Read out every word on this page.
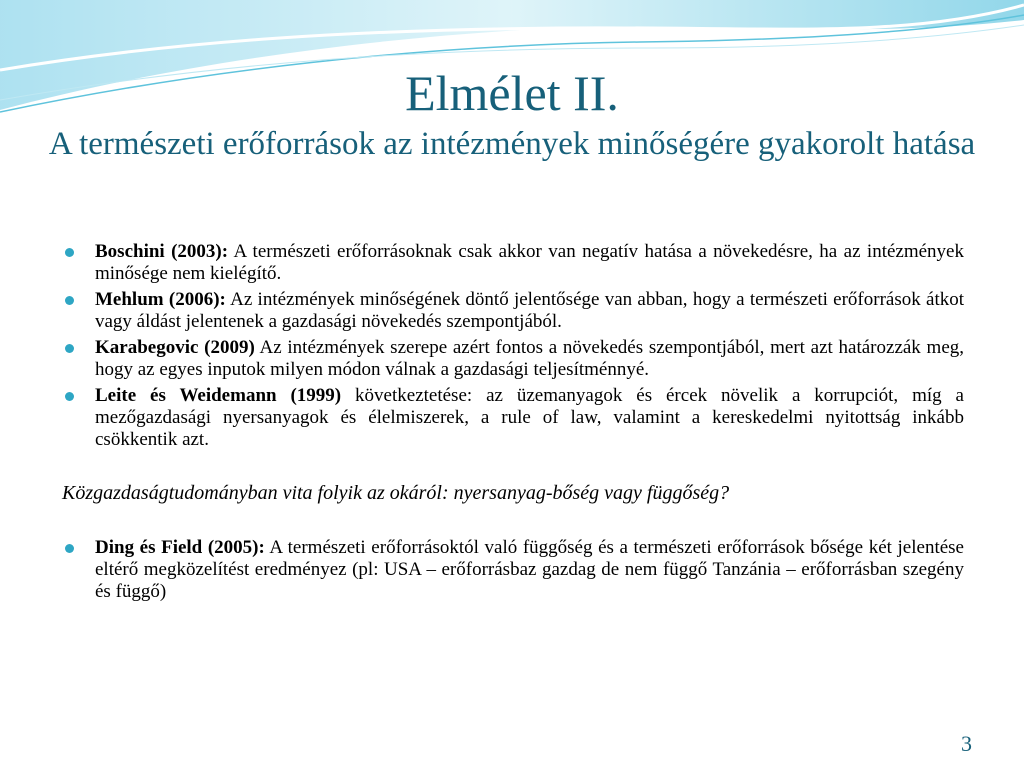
Elmélet II.
A természeti erőforrások az intézmények minőségére gyakorolt hatása
Boschini (2003): A természeti erőforrásoknak csak akkor van negatív hatása a növekedésre, ha az intézmények minősége nem kielégítő.
Mehlum (2006): Az intézmények minőségének döntő jelentősége van abban, hogy a természeti erőforrások átkot vagy áldást jelentenek a gazdasági növekedés szempontjából.
Karabegovic (2009) Az intézmények szerepe azért fontos a növekedés szempontjából, mert azt határozzák meg, hogy az egyes inputok milyen módon válnak a gazdasági teljesítménnyé.
Leite és Weidemann (1999) következtetése: az üzemanyagok és ércek növelik a korrupciót, míg a mezőgazdasági nyersanyagok és élelmiszerek, a rule of law, valamint a kereskedelmi nyitottság inkább csökkentik azt.
Közgazdaságtudományban vita folyik az okáról: nyersanyag-bőség vagy függőség?
Ding és Field (2005): A természeti erőforrásoktól való függőség és a természeti erőforrások bősége két jelentése eltérő megközelítést eredményez (pl: USA – erőforrásbaz gazdag de nem függő Tanzánia – erőforrásban szegény és függő)
3
